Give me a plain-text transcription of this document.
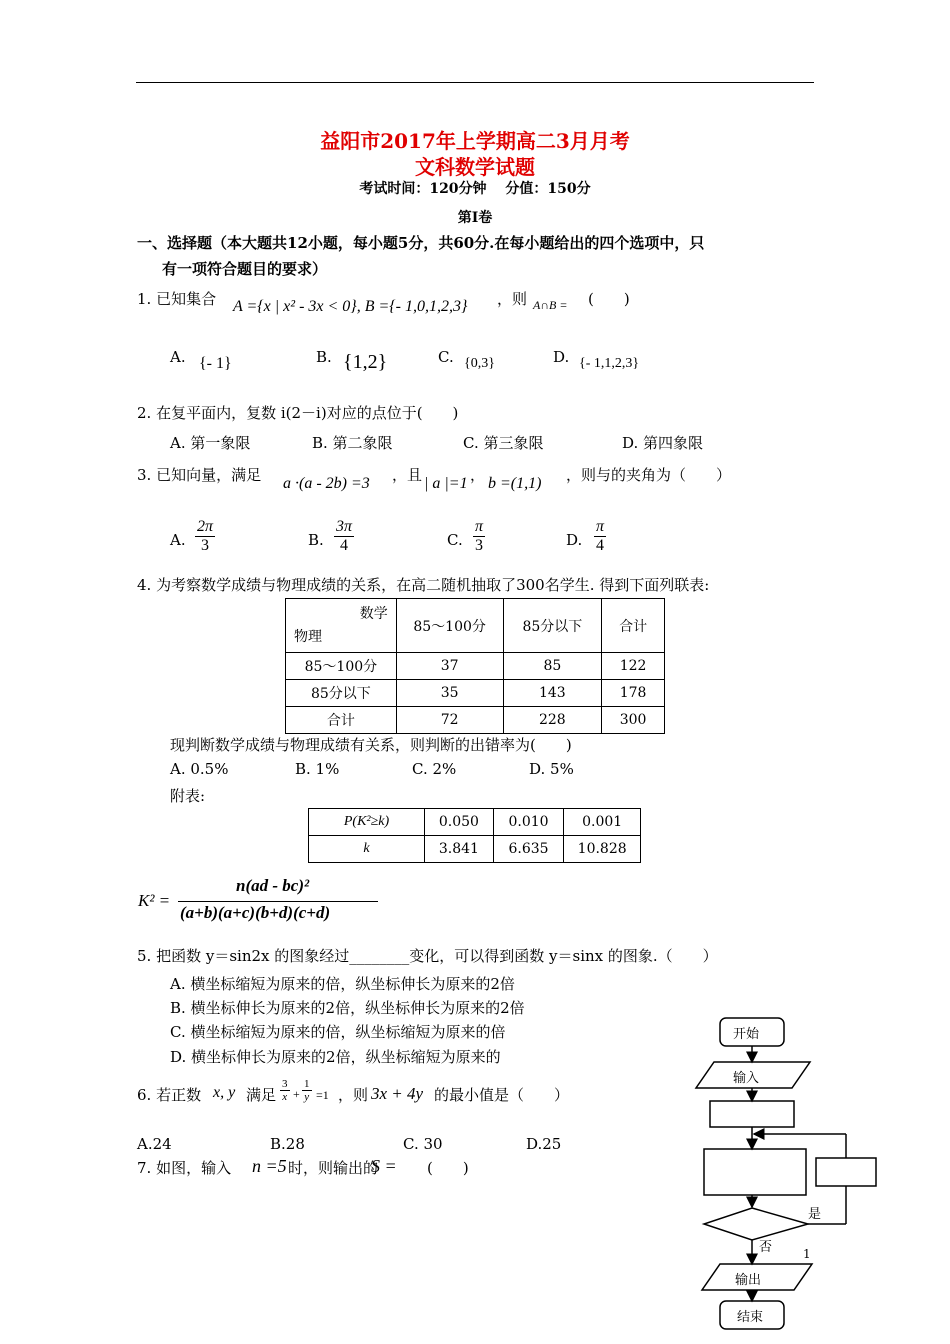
益阳市2017年上学期高二3月月考
文科数学试题
考试时间：120分钟　 分值：150分
第I卷
一、选择题（本大题共12小题，每小题5分，共60分.在每小题给出的四个选项中，只
有一项符合题目的要求）
1. 已知集合 A ={x | x² - 3x < 0}, B ={- 1,0,1,2,3} ，则 A∩B = (　　)
A. {- 1}	B. {1,2}	C. {0,3}	D. {- 1,1,2,3}
2. 在复平面内，复数 i(2－i)对应的点位于(　　)
A. 第一象限	B. 第二象限	C. 第三象限	D. 第四象限
3. 已知向量，满足 a ·(a - 2b) =3 ，且 | a |=1 ， b =(1,1) ，则与的夹角为（　　）
A. $\frac{2\pi}{3}$	B. $\frac{3\pi}{4}$	C. $\frac{\pi}{3}$	D. $\frac{\pi}{4}$
4. 为考察数学成绩与物理成绩的关系，在高二随机抽取了300名学生. 得到下面列联表:
数学
物理	85～100分	85分以下	合计
85～100分	37	85	122
85分以下	35	143	178
合计	72	228	300
现判断数学成绩与物理成绩有关系，则判断的出错率为(　　)
A. 0.5%	B. 1%	C. 2%	D. 5%
附表:
P(K²≥k)	0.050	0.010	0.001
k	3.841	6.635	10.828
K² =
n(ad - bc)²
(a+b)(a+c)(b+d)(c+d)
5. 把函数 y＝sin2x 的图象经过________变化，可以得到函数 y＝sinx 的图象.（　　）
A. 横坐标缩短为原来的倍，纵坐标伸长为原来的2倍
B. 横坐标伸长为原来的2倍，纵坐标伸长为原来的2倍
C. 横坐标缩短为原来的倍，纵坐标缩短为原来的倍
D. 横坐标伸长为原来的2倍，纵坐标缩短为原来的
6. 若正数 x, y 满足 $\frac{3}{x} + \frac{1}{y} =1$ ，则 3x + 4y 的最小值是（　　）
A.24	B.28	C. 30	D.25
7. 如图，输入 n =5 时，则输出的
S = (　　)
开始
输入
是
否
输出
结束
1
